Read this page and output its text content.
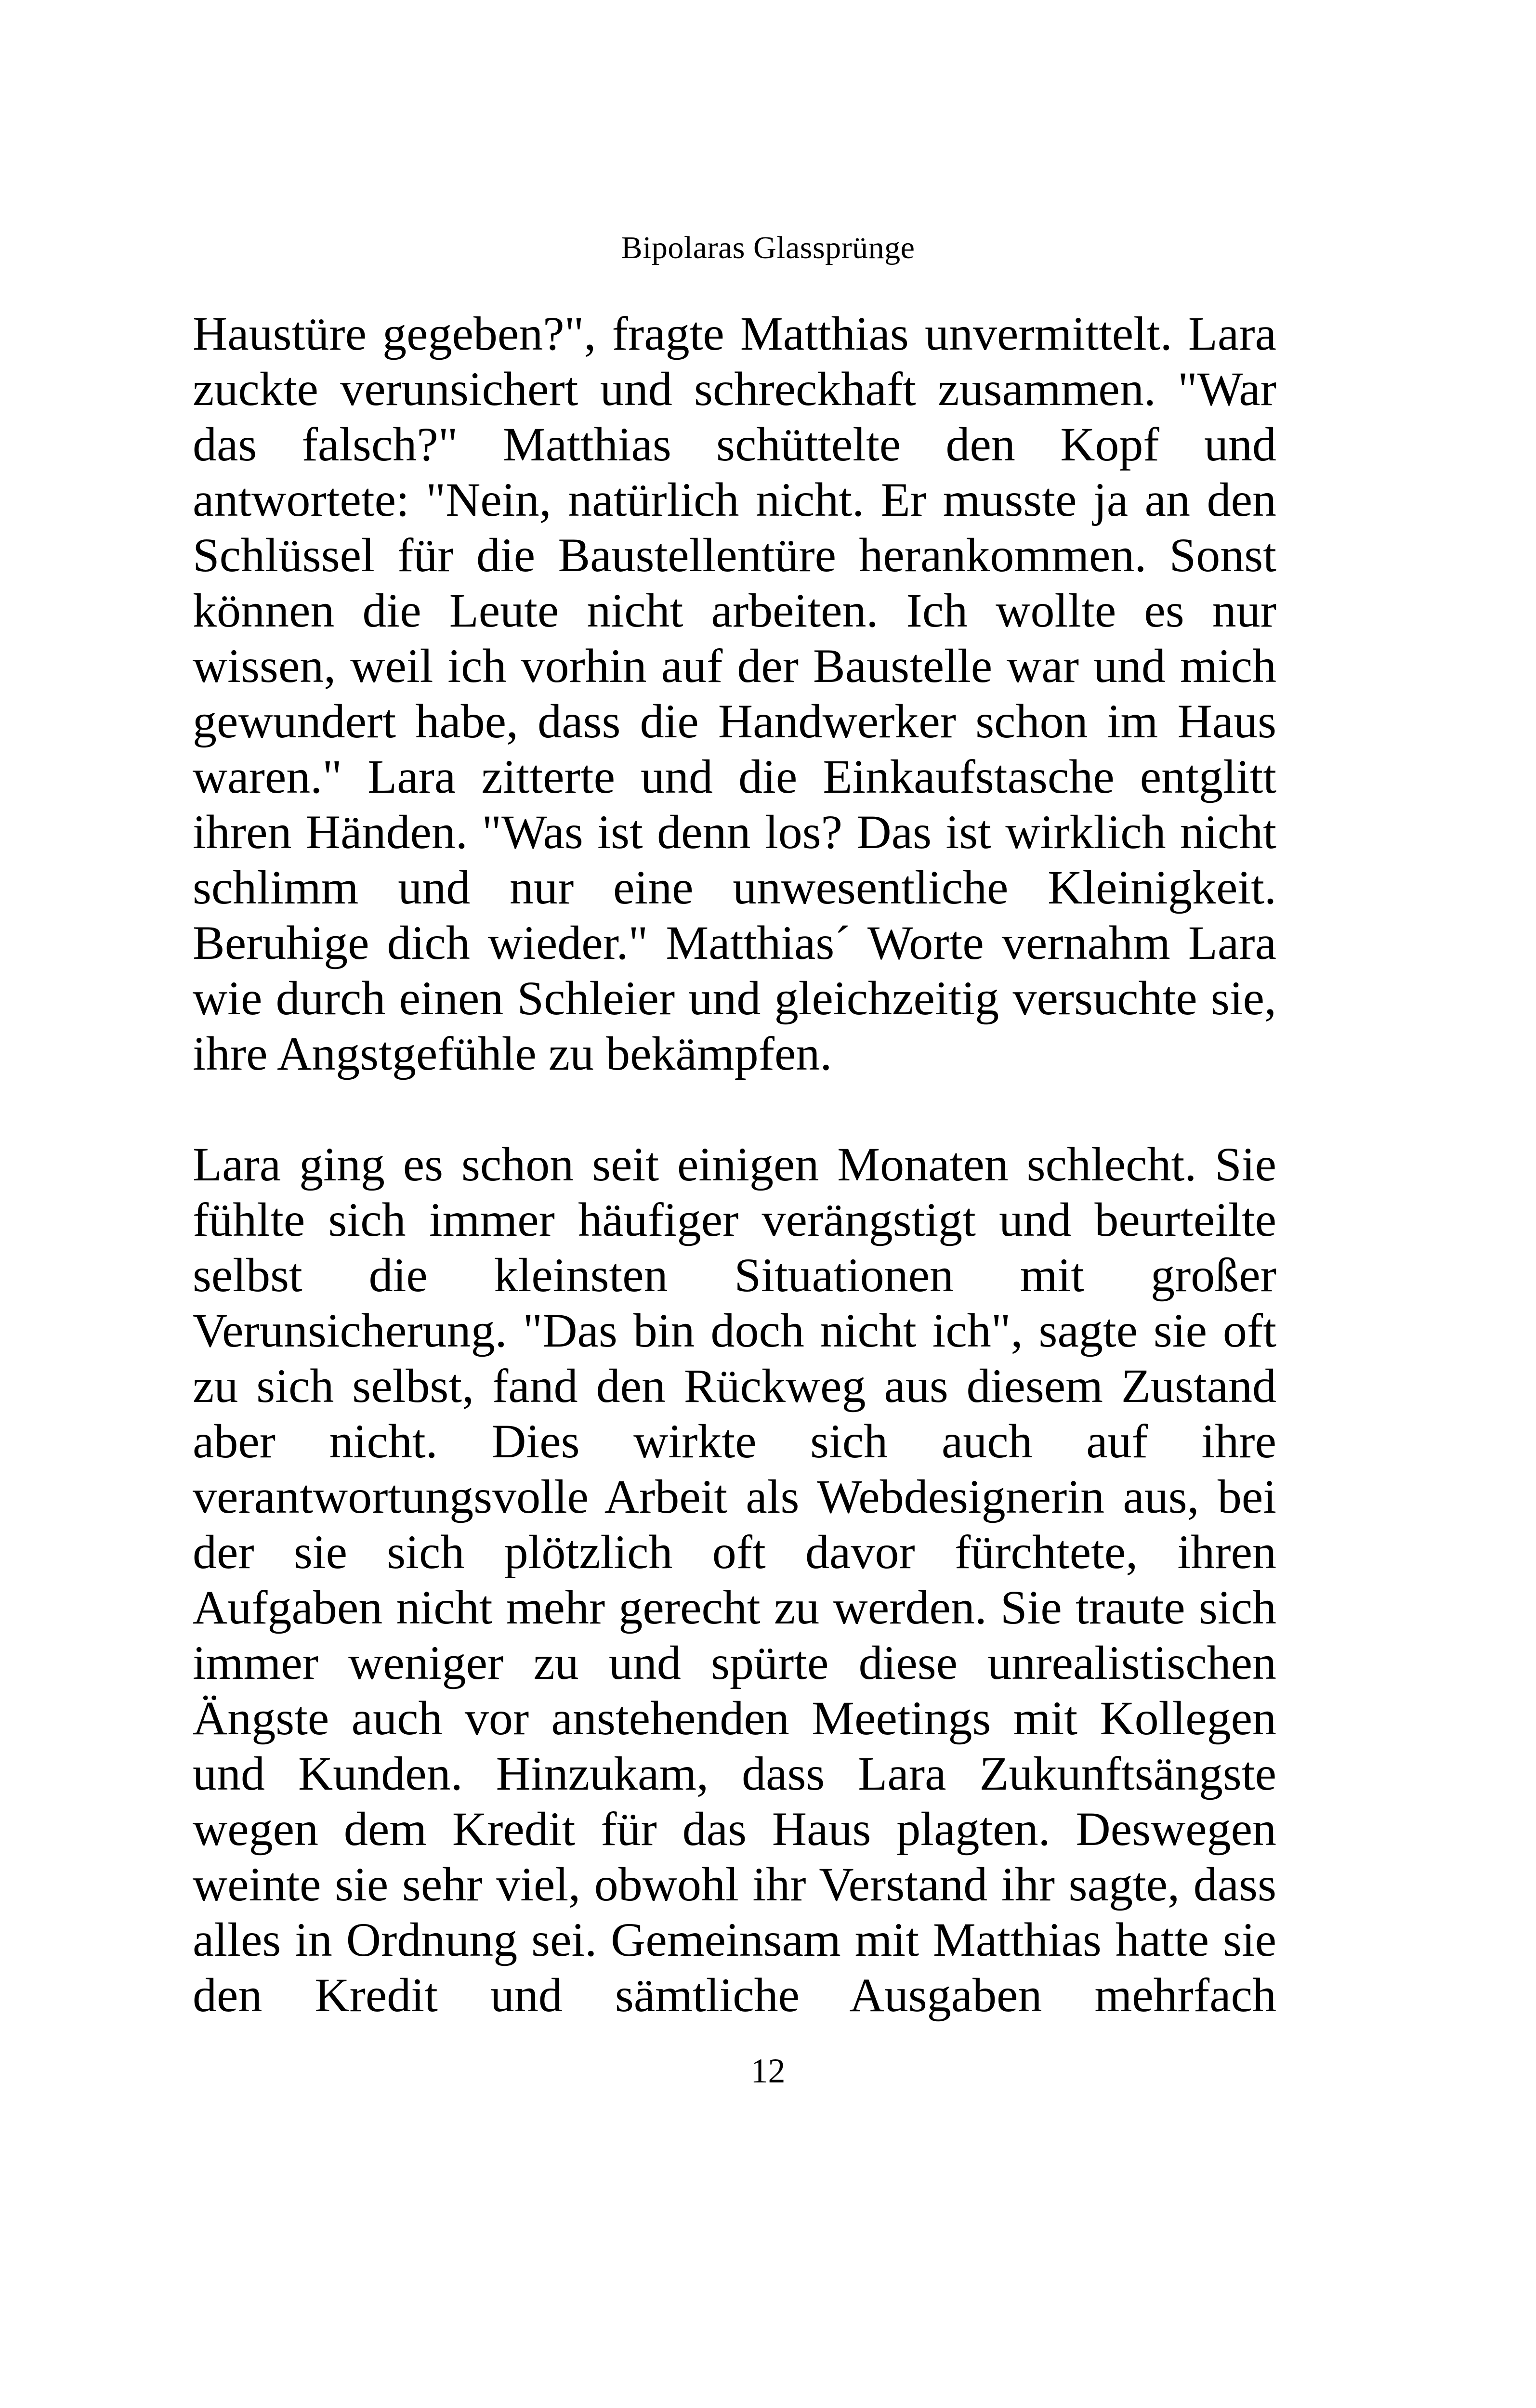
Bipolaras Glassprünge
Haustüre gegeben?", fragte Matthias unvermittelt. Lara
zuckte verunsichert und schreckhaft zusammen. "War
das falsch?" Matthias schüttelte den Kopf und
antwortete: "Nein, natürlich nicht. Er musste ja an den
Schlüssel für die Baustellentüre herankommen. Sonst
können die Leute nicht arbeiten. Ich wollte es nur
wissen, weil ich vorhin auf der Baustelle war und mich
gewundert habe, dass die Handwerker schon im Haus
waren." Lara zitterte und die Einkaufstasche entglitt
ihren Händen. "Was ist denn los? Das ist wirklich nicht
schlimm und nur eine unwesentliche Kleinigkeit.
Beruhige dich wieder." Matthias´ Worte vernahm Lara
wie durch einen Schleier und gleichzeitig versuchte sie,
ihre Angstgefühle zu bekämpfen.
Lara ging es schon seit einigen Monaten schlecht. Sie
fühlte sich immer häufiger verängstigt und beurteilte
selbst die kleinsten Situationen mit großer
Verunsicherung. "Das bin doch nicht ich", sagte sie oft
zu sich selbst, fand den Rückweg aus diesem Zustand
aber nicht. Dies wirkte sich auch auf ihre
verantwortungsvolle Arbeit als Webdesignerin aus, bei
der sie sich plötzlich oft davor fürchtete, ihren
Aufgaben nicht mehr gerecht zu werden. Sie traute sich
immer weniger zu und spürte diese unrealistischen
Ängste auch vor anstehenden Meetings mit Kollegen
und Kunden. Hinzukam, dass Lara Zukunftsängste
wegen dem Kredit für das Haus plagten. Deswegen
weinte sie sehr viel, obwohl ihr Verstand ihr sagte, dass
alles in Ordnung sei. Gemeinsam mit Matthias hatte sie
den Kredit und sämtliche Ausgaben mehrfach
12
